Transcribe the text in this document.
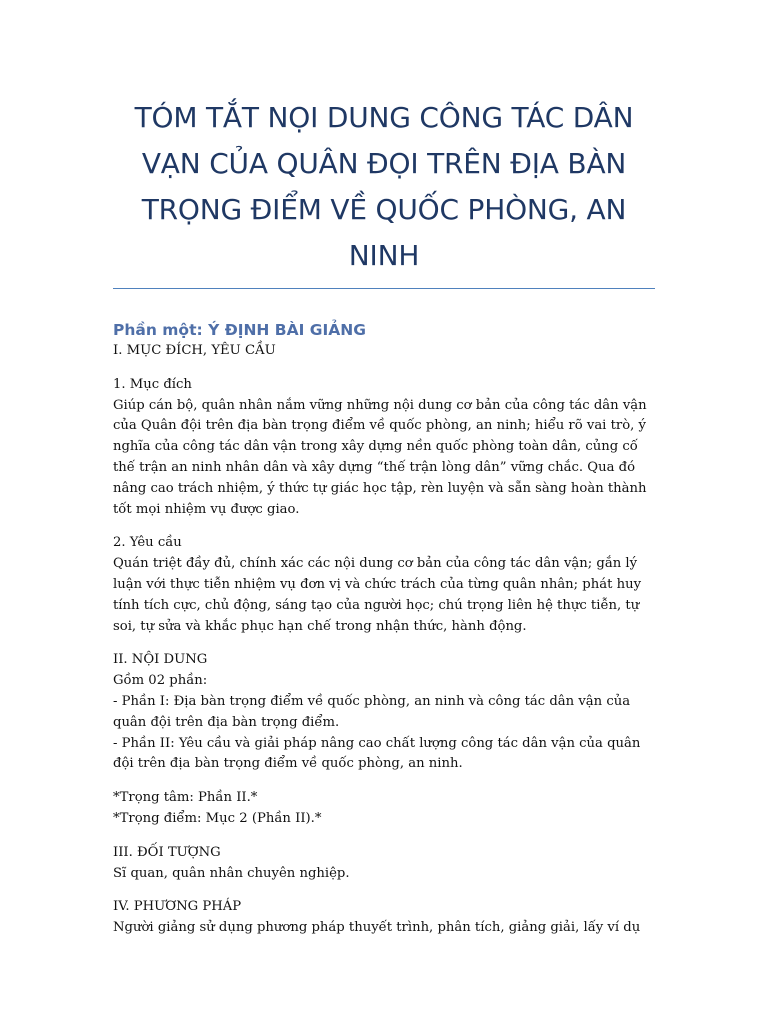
TÓM TẮT NỌI DUNG CÔNG TÁC DÂN VẠN CỦA QUÂN ĐỌI TRÊN ĐỊA BÀN TRỌNG ĐIỂM VỀ QUỐC PHÒNG, AN NINH
Phần một: Ý ĐỊNH BÀI GIẢNG

I. MỤC ĐÍCH, YÊU CẦU

1. Mục đích

Giúp cán bộ, quân nhân nắm vững những nội dung cơ bản của công tác dân vận của Quân đội trên địa bàn trọng điểm về quốc phòng, an ninh; hiểu rõ vai trò, ý nghĩa của công tác dân vận trong xây dựng nền quốc phòng toàn dân, củng cố thế trận an ninh nhân dân và xây dựng “thế trận lòng dân” vững chắc. Qua đó nâng cao trách nhiệm, ý thức tự giác học tập, rèn luyện và sẵn sàng hoàn thành tốt mọi nhiệm vụ được giao.

2. Yêu cầu

Quán triệt đầy đủ, chính xác các nội dung cơ bản của công tác dân vận; gắn lý luận với thực tiễn nhiệm vụ đơn vị và chức trách của từng quân nhân; phát huy tính tích cực, chủ động, sáng tạo của người học; chú trọng liên hệ thực tiễn, tự soi, tự sửa và khắc phục hạn chế trong nhận thức, hành động.

II. NỘI DUNG

Gồm 02 phần:

- Phần I: Địa bàn trọng điểm về quốc phòng, an ninh và công tác dân vận của quân đội trên địa bàn trọng điểm.

- Phần II: Yêu cầu và giải pháp nâng cao chất lượng công tác dân vận của quân đội trên địa bàn trọng điểm về quốc phòng, an ninh.

*Trọng tâm: Phần II.*

*Trọng điểm: Mục 2 (Phần II).*

III. ĐỐI TƯỢNG

Sĩ quan, quân nhân chuyên nghiệp.

IV. PHƯƠNG PHÁP

Người giảng sử dụng phương pháp thuyết trình, phân tích, giảng giải, lấy ví dụ
